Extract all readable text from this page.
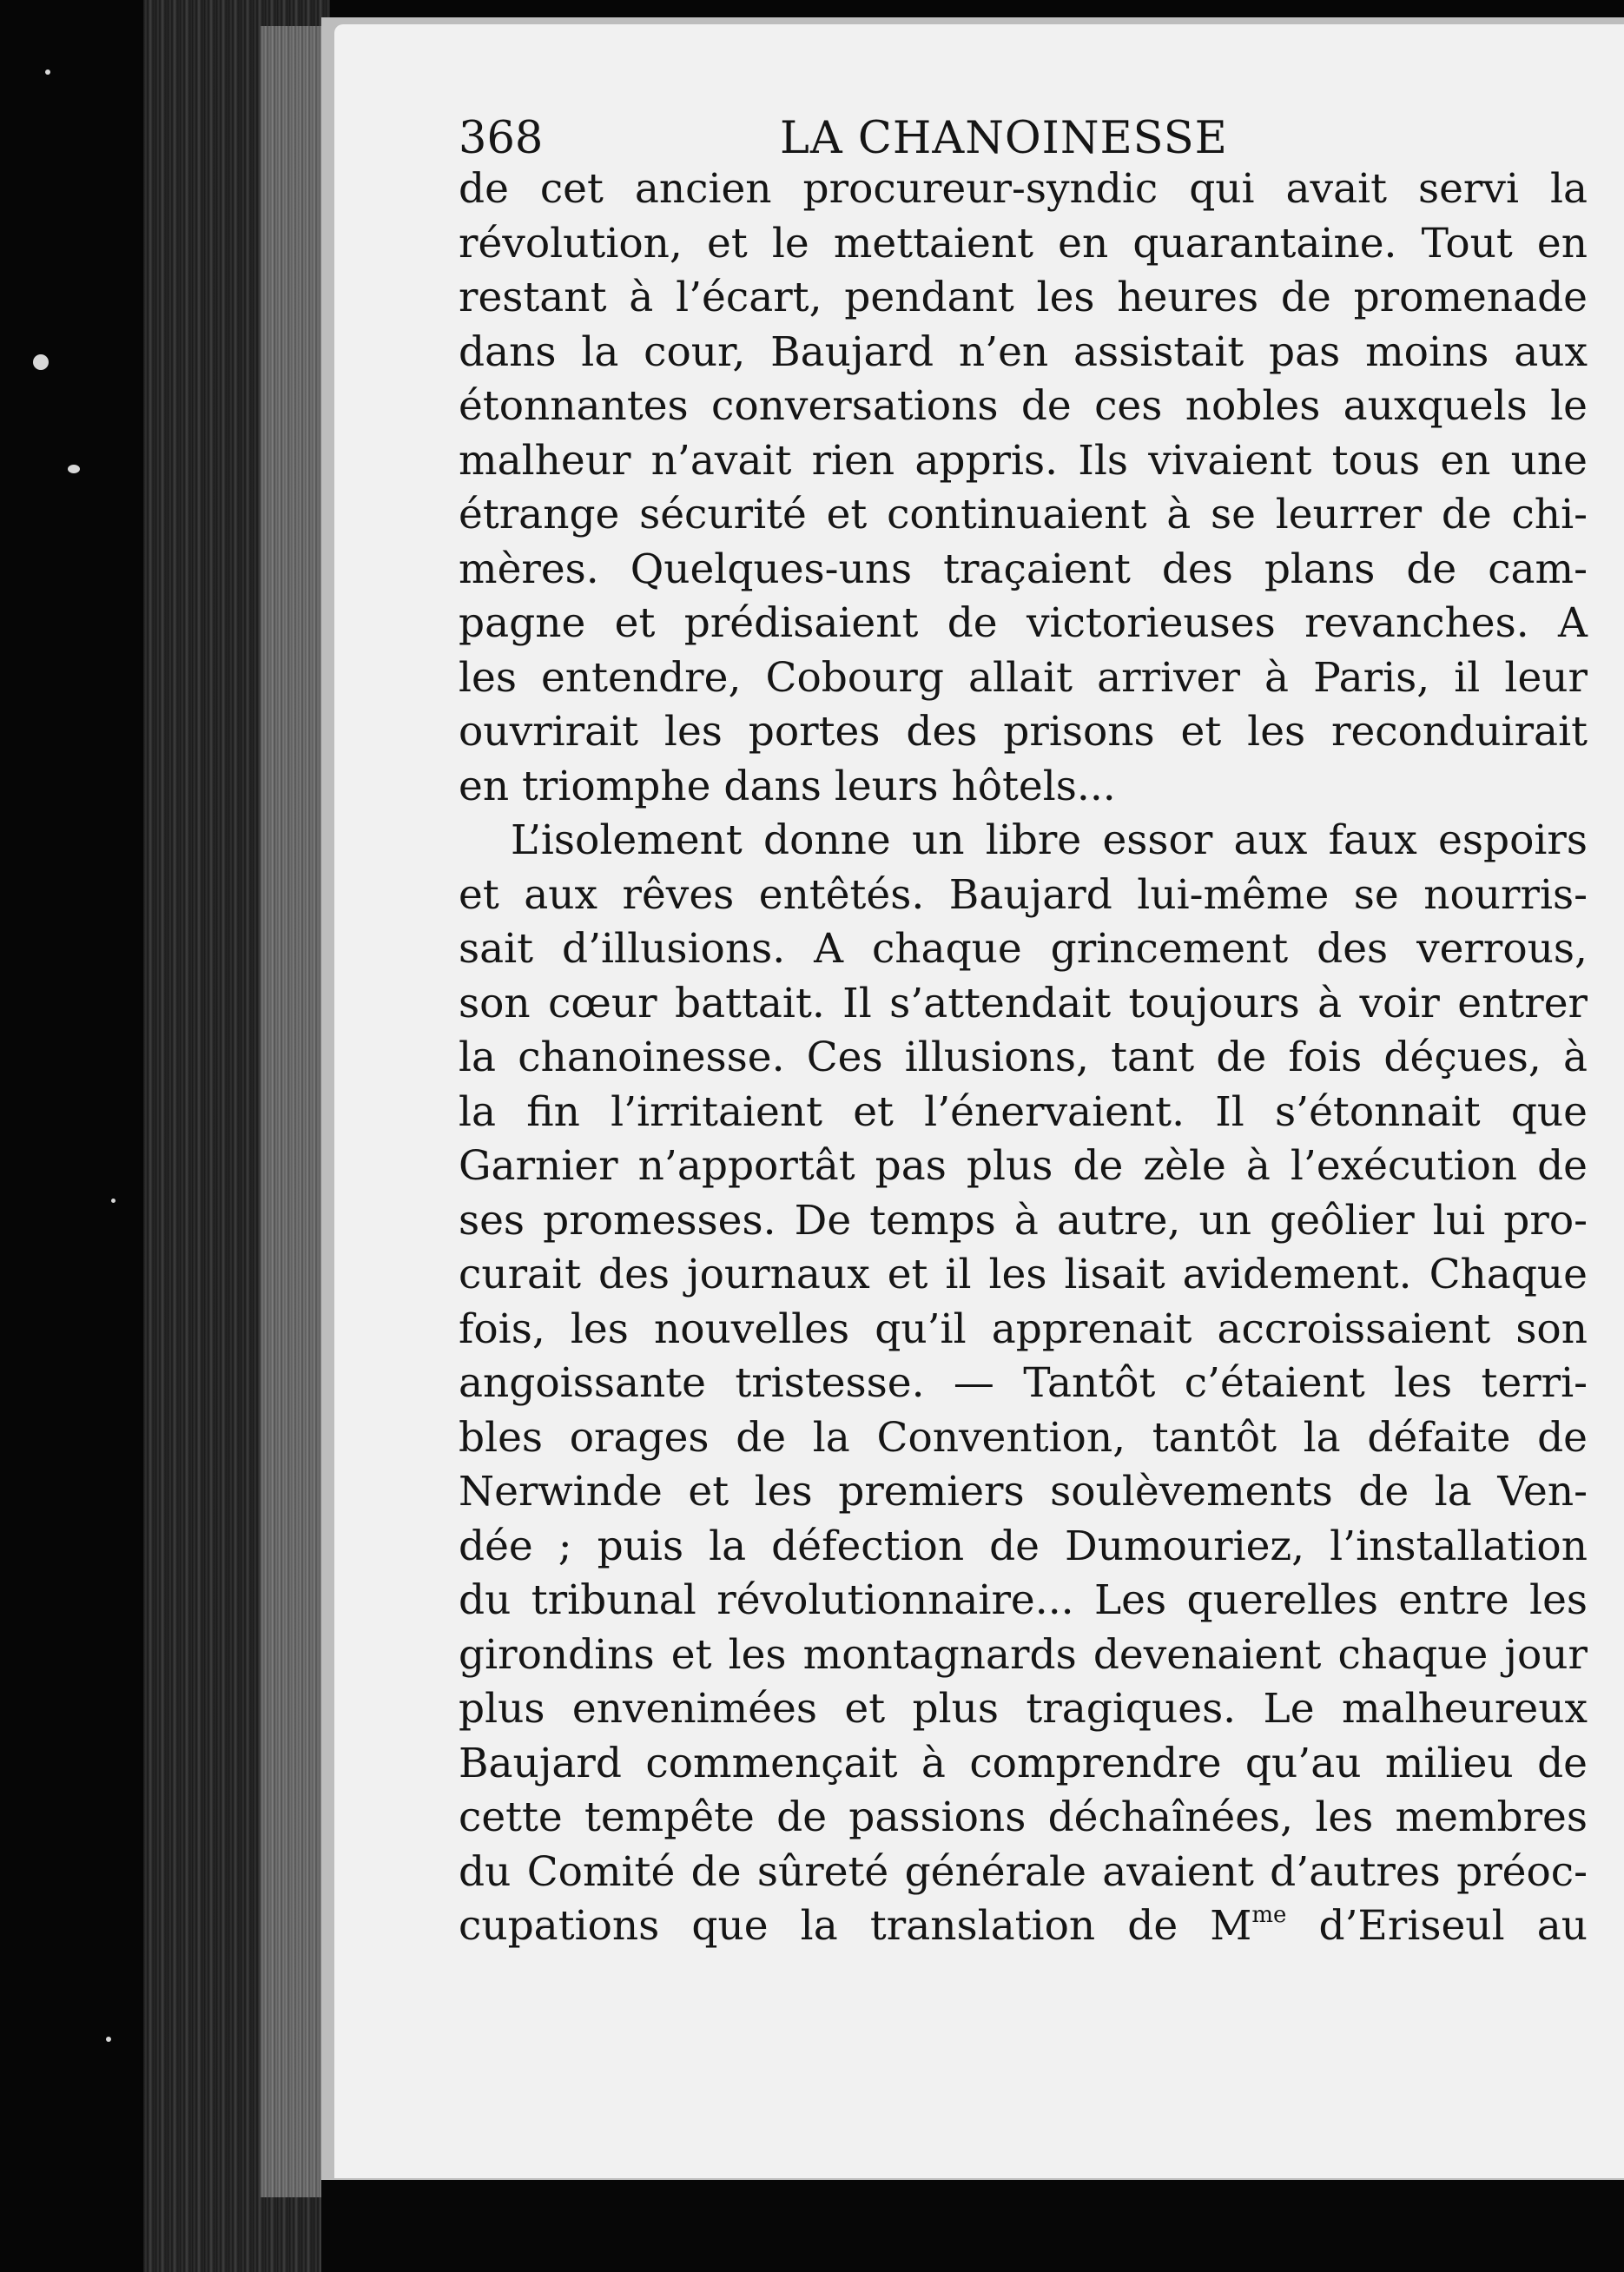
368	LA CHANOINESSE
de cet ancien procureur-syndic qui avait servi la
révolution, et le mettaient en quarantaine. Tout en
restant à l’écart, pendant les heures de promenade
dans la cour, Baujard n’en assistait pas moins aux
étonnantes conversations de ces nobles auxquels le
malheur n’avait rien appris. Ils vivaient tous en une
étrange sécurité et continuaient à se leurrer de chi-
mères. Quelques-uns traçaient des plans de cam-
pagne et prédisaient de victorieuses revanches. A
les entendre, Cobourg allait arriver à Paris, il leur
ouvrirait les portes des prisons et les reconduirait
en triomphe dans leurs hôtels...
L’isolement donne un libre essor aux faux espoirs
et aux rêves entêtés. Baujard lui-même se nourris-
sait d’illusions. A chaque grincement des verrous,
son cœur battait. Il s’attendait toujours à voir entrer
la chanoinesse. Ces illusions, tant de fois déçues, à
la fin l’irritaient et l’énervaient. Il s’étonnait que
Garnier n’apportât pas plus de zèle à l’exécution de
ses promesses. De temps à autre, un geôlier lui pro-
curait des journaux et il les lisait avidement. Chaque
fois, les nouvelles qu’il apprenait accroissaient son
angoissante tristesse. — Tantôt c’étaient les terri-
bles orages de la Convention, tantôt la défaite de
Nerwinde et les premiers soulèvements de la Ven-
dée ; puis la défection de Dumouriez, l’installation
du tribunal révolutionnaire... Les querelles entre les
girondins et les montagnards devenaient chaque jour
plus envenimées et plus tragiques. Le malheureux
Baujard commençait à comprendre qu’au milieu de
cette tempête de passions déchaînées, les membres
du Comité de sûreté générale avaient d’autres préoc-
cupations que la translation de $M^{me}$ d’Eriseul au
